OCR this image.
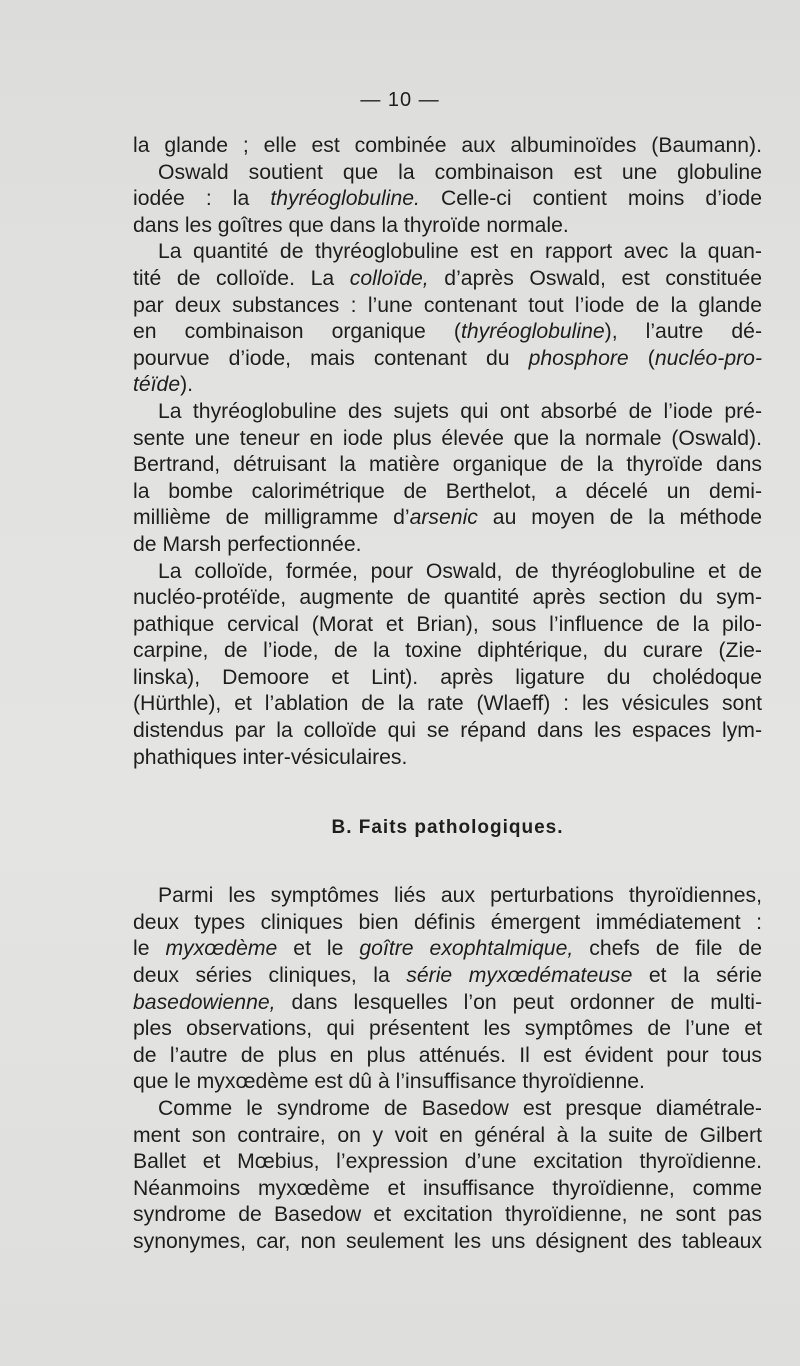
— 10 —
la glande ; elle est combinée aux albuminoïdes (Baumann).
Oswald soutient que la combinaison est une globuline
iodée : la thyréoglobuline. Celle-ci contient moins d’iode
dans les goîtres que dans la thyroïde normale.
La quantité de thyréoglobuline est en rapport avec la quan-
tité de colloïde. La colloïde, d’après Oswald, est constituée
par deux substances : l’une contenant tout l’iode de la glande
en combinaison organique (thyréoglobuline), l’autre dé-
pourvue d’iode, mais contenant du phosphore (nucléo-pro-
téïde).
La thyréoglobuline des sujets qui ont absorbé de l’iode pré-
sente une teneur en iode plus élevée que la normale (Oswald).
Bertrand, détruisant la matière organique de la thyroïde dans
la bombe calorimétrique de Berthelot, a décelé un demi-
millième de milligramme d’arsenic au moyen de la méthode
de Marsh perfectionnée.
La colloïde, formée, pour Oswald, de thyréoglobuline et de
nucléo-protéïde, augmente de quantité après section du sym-
pathique cervical (Morat et Brian), sous l’influence de la pilo-
carpine, de l’iode, de la toxine diphtérique, du curare (Zie-
linska), Demoore et Lint). après ligature du cholédoque
(Hürthle), et l’ablation de la rate (Wlaeff) : les vésicules sont
distendus par la colloïde qui se répand dans les espaces lym-
phathiques inter-vésiculaires.
B. Faits pathologiques.
Parmi les symptômes liés aux perturbations thyroïdiennes,
deux types cliniques bien définis émergent immédiatement :
le myxœdème et le goître exophtalmique, chefs de file de
deux séries cliniques, la série myxœdémateuse et la série
basedowienne, dans lesquelles l’on peut ordonner de multi-
ples observations, qui présentent les symptômes de l’une et
de l’autre de plus en plus atténués. Il est évident pour tous
que le myxœdème est dû à l’insuffisance thyroïdienne.
Comme le syndrome de Basedow est presque diamétrale-
ment son contraire, on y voit en général à la suite de Gilbert
Ballet et Mœbius, l’expression d’une excitation thyroïdienne.
Néanmoins myxœdème et insuffisance thyroïdienne, comme
syndrome de Basedow et excitation thyroïdienne, ne sont pas
synonymes, car, non seulement les uns désignent des tableaux
